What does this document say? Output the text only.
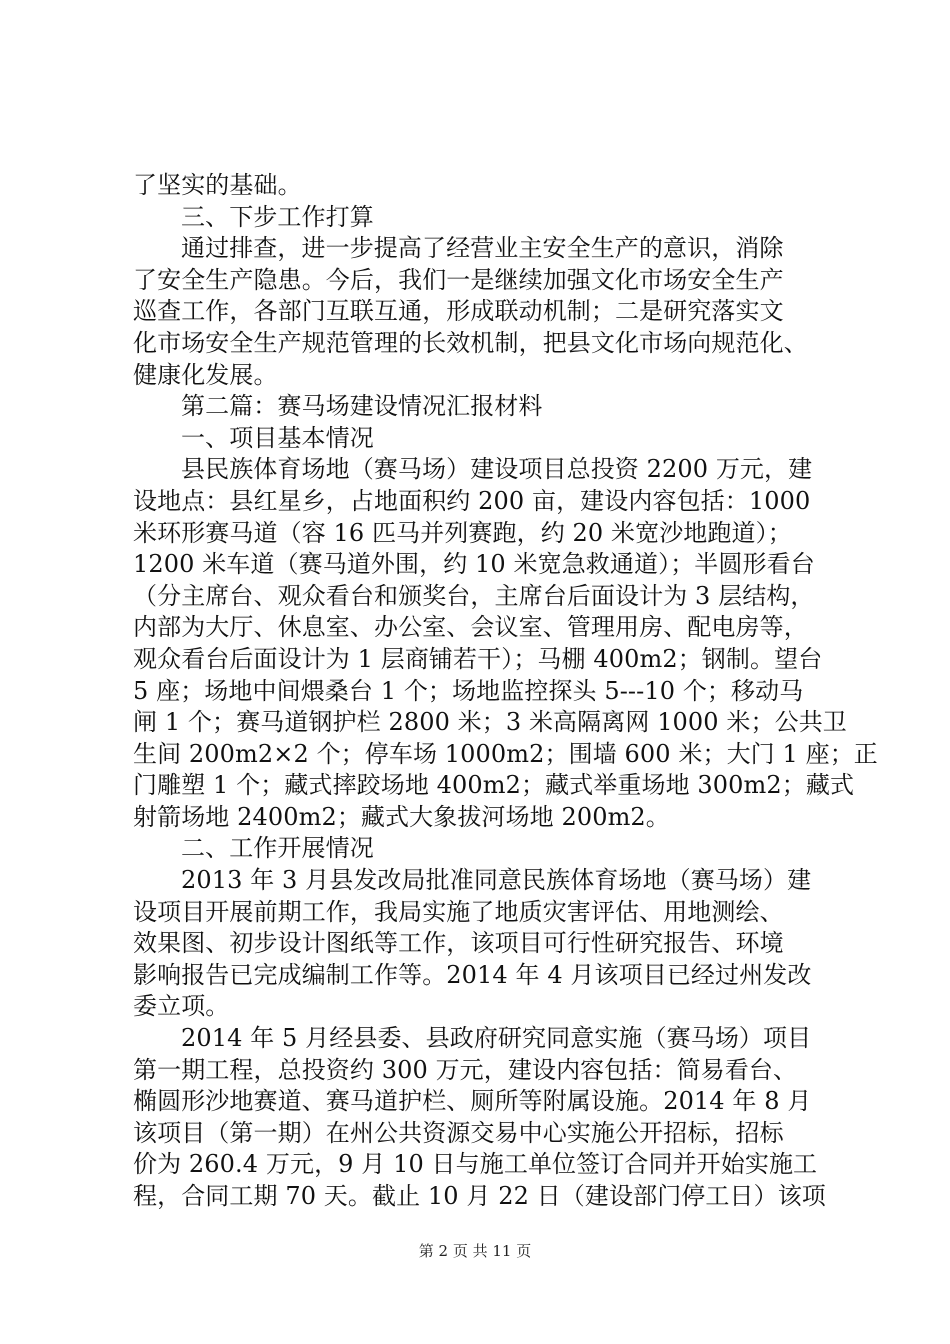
了坚实的基础。
三、下步工作打算
通过排查，进一步提高了经营业主安全生产的意识，消除
了安全生产隐患。今后，我们一是继续加强文化市场安全生产
巡查工作，各部门互联互通，形成联动机制；二是研究落实文
化市场安全生产规范管理的长效机制，把县文化市场向规范化、
健康化发展。
第二篇：赛马场建设情况汇报材料
一、项目基本情况
县民族体育场地（赛马场）建设项目总投资 2200 万元，建
设地点：县红星乡，占地面积约 200 亩，建设内容包括：1000
米环形赛马道（容 16 匹马并列赛跑，约 20 米宽沙地跑道）；
1200 米车道（赛马道外围，约 10 米宽急救通道）；半圆形看台
（分主席台、观众看台和颁奖台，主席台后面设计为 3 层结构，
内部为大厅、休息室、办公室、会议室、管理用房、配电房等，
观众看台后面设计为 1 层商铺若干）；马棚 400m2；钢制。望台
5 座；场地中间煨桑台 1 个；场地监控探头 5---10 个；移动马
闸 1 个；赛马道钢护栏 2800 米；3 米高隔离网 1000 米；公共卫
生间 200m2×2 个；停车场 1000m2；围墙 600 米；大门 1 座；正
门雕塑 1 个；藏式摔跤场地 400m2；藏式举重场地 300m2；藏式
射箭场地 2400m2；藏式大象拔河场地 200m2。
二、工作开展情况
2013 年 3 月县发改局批准同意民族体育场地（赛马场）建
设项目开展前期工作，我局实施了地质灾害评估、用地测绘、
效果图、初步设计图纸等工作，该项目可行性研究报告、环境
影响报告已完成编制工作等。2014 年 4 月该项目已经过州发改
委立项。
2014 年 5 月经县委、县政府研究同意实施（赛马场）项目
第一期工程，总投资约 300 万元，建设内容包括：简易看台、
椭圆形沙地赛道、赛马道护栏、厕所等附属设施。2014 年 8 月
该项目（第一期）在州公共资源交易中心实施公开招标，招标
价为 260.4 万元，9 月 10 日与施工单位签订合同并开始实施工
程，合同工期 70 天。截止 10 月 22 日（建设部门停工日）该项
第 2 页 共 11 页
